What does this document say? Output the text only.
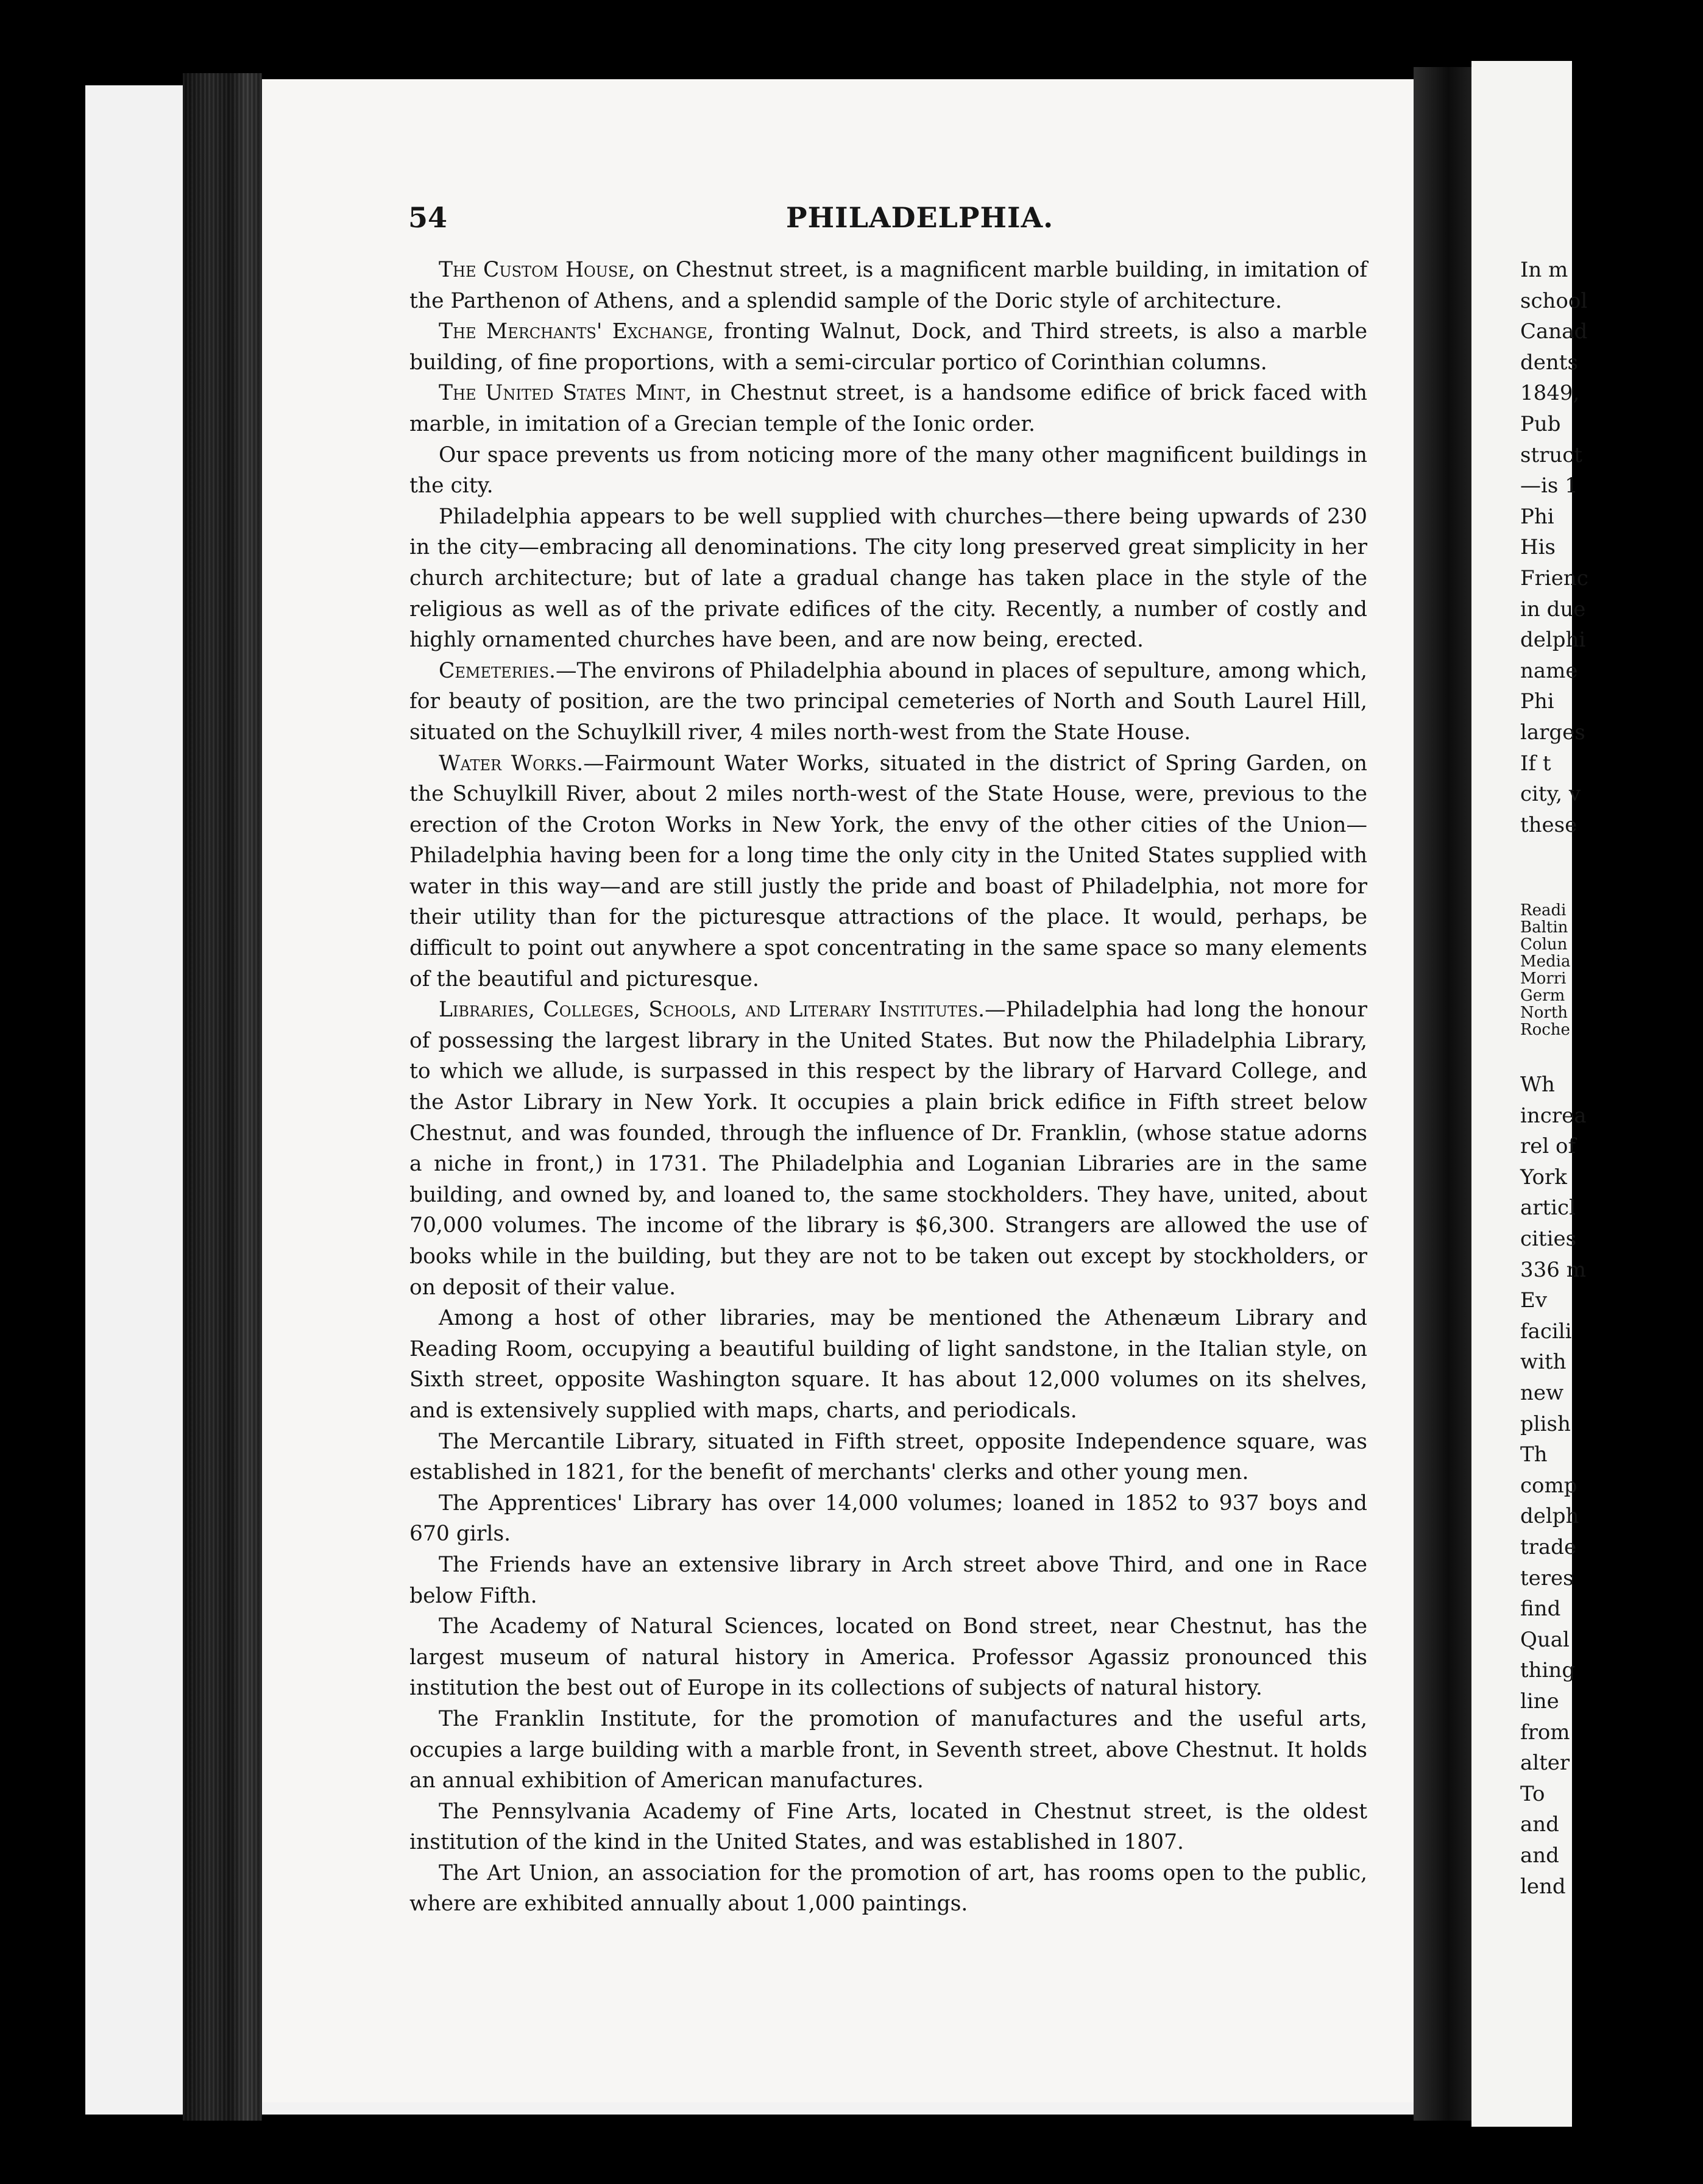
54	PHILADELPHIA.

The Custom House, on Chestnut street, is a magnificent marble building, in imitation of the Parthenon of Athens, and a splendid sample of the Doric style of architecture.

The Merchants' Exchange, fronting Walnut, Dock, and Third streets, is also a marble building, of fine proportions, with a semi-circular portico of Corinthian columns.

The United States Mint, in Chestnut street, is a handsome edifice of brick faced with marble, in imitation of a Grecian temple of the Ionic order.

Our space prevents us from noticing more of the many other magnificent buildings in the city.

Philadelphia appears to be well supplied with churches—there being upwards of 230 in the city—embracing all denominations. The city long preserved great simplicity in her church architecture; but of late a gradual change has taken place in the style of the religious as well as of the private edifices of the city. Recently, a number of costly and highly ornamented churches have been, and are now being, erected.

Cemeteries.—The environs of Philadelphia abound in places of sepulture, among which, for beauty of position, are the two principal cemeteries of North and South Laurel Hill, situated on the Schuylkill river, 4 miles north-west from the State House.

Water Works.—Fairmount Water Works, situated in the district of Spring Garden, on the Schuylkill River, about 2 miles north-west of the State House, were, previous to the erection of the Croton Works in New York, the envy of the other cities of the Union—Philadelphia having been for a long time the only city in the United States supplied with water in this way—and are still justly the pride and boast of Philadelphia, not more for their utility than for the picturesque attractions of the place. It would, perhaps, be difficult to point out anywhere a spot concentrating in the same space so many elements of the beautiful and picturesque.

Libraries, Colleges, Schools, and Literary Institutes.—Philadelphia had long the honour of possessing the largest library in the United States. But now the Philadelphia Library, to which we allude, is surpassed in this respect by the library of Harvard College, and the Astor Library in New York. It occupies a plain brick edifice in Fifth street below Chestnut, and was founded, through the influence of Dr. Franklin, (whose statue adorns a niche in front,) in 1731. The Philadelphia and Loganian Libraries are in the same building, and owned by, and loaned to, the same stockholders. They have, united, about 70,000 volumes. The income of the library is $6,300. Strangers are allowed the use of books while in the building, but they are not to be taken out except by stockholders, or on deposit of their value.

Among a host of other libraries, may be mentioned the Athenæum Library and Reading Room, occupying a beautiful building of light sandstone, in the Italian style, on Sixth street, opposite Washington square. It has about 12,000 volumes on its shelves, and is extensively supplied with maps, charts, and periodicals.

The Mercantile Library, situated in Fifth street, opposite Independence square, was established in 1821, for the benefit of merchants' clerks and other young men.

The Apprentices' Library has over 14,000 volumes; loaned in 1852 to 937 boys and 670 girls.

The Friends have an extensive library in Arch street above Third, and one in Race below Fifth.

The Academy of Natural Sciences, located on Bond street, near Chestnut, has the largest museum of natural history in America. Professor Agassiz pronounced this institution the best out of Europe in its collections of subjects of natural history.

The Franklin Institute, for the promotion of manufactures and the useful arts, occupies a large building with a marble front, in Seventh street, above Chestnut. It holds an annual exhibition of American manufactures.

The Pennsylvania Academy of Fine Arts, located in Chestnut street, is the oldest institution of the kind in the United States, and was established in 1807.

The Art Union, an association for the promotion of art, has rooms open to the public, where are exhibited annually about 1,000 paintings.

In m
school
Canad
dents
1849,
Pub
struct
—is 1
Phi
His
Frienc
in due
delphi
name
Phi
larges
If t
city, v
these
Readi
Baltin
Colun
Media
Morri
Germ
North
Roche
Wh
increa
rel of
York
articl
cities
336 m
Ev
facili
with
new
plish
Th
comp
delph
trade
teres
find
Qual
thing
line
from
alter
To
and
and
lend
